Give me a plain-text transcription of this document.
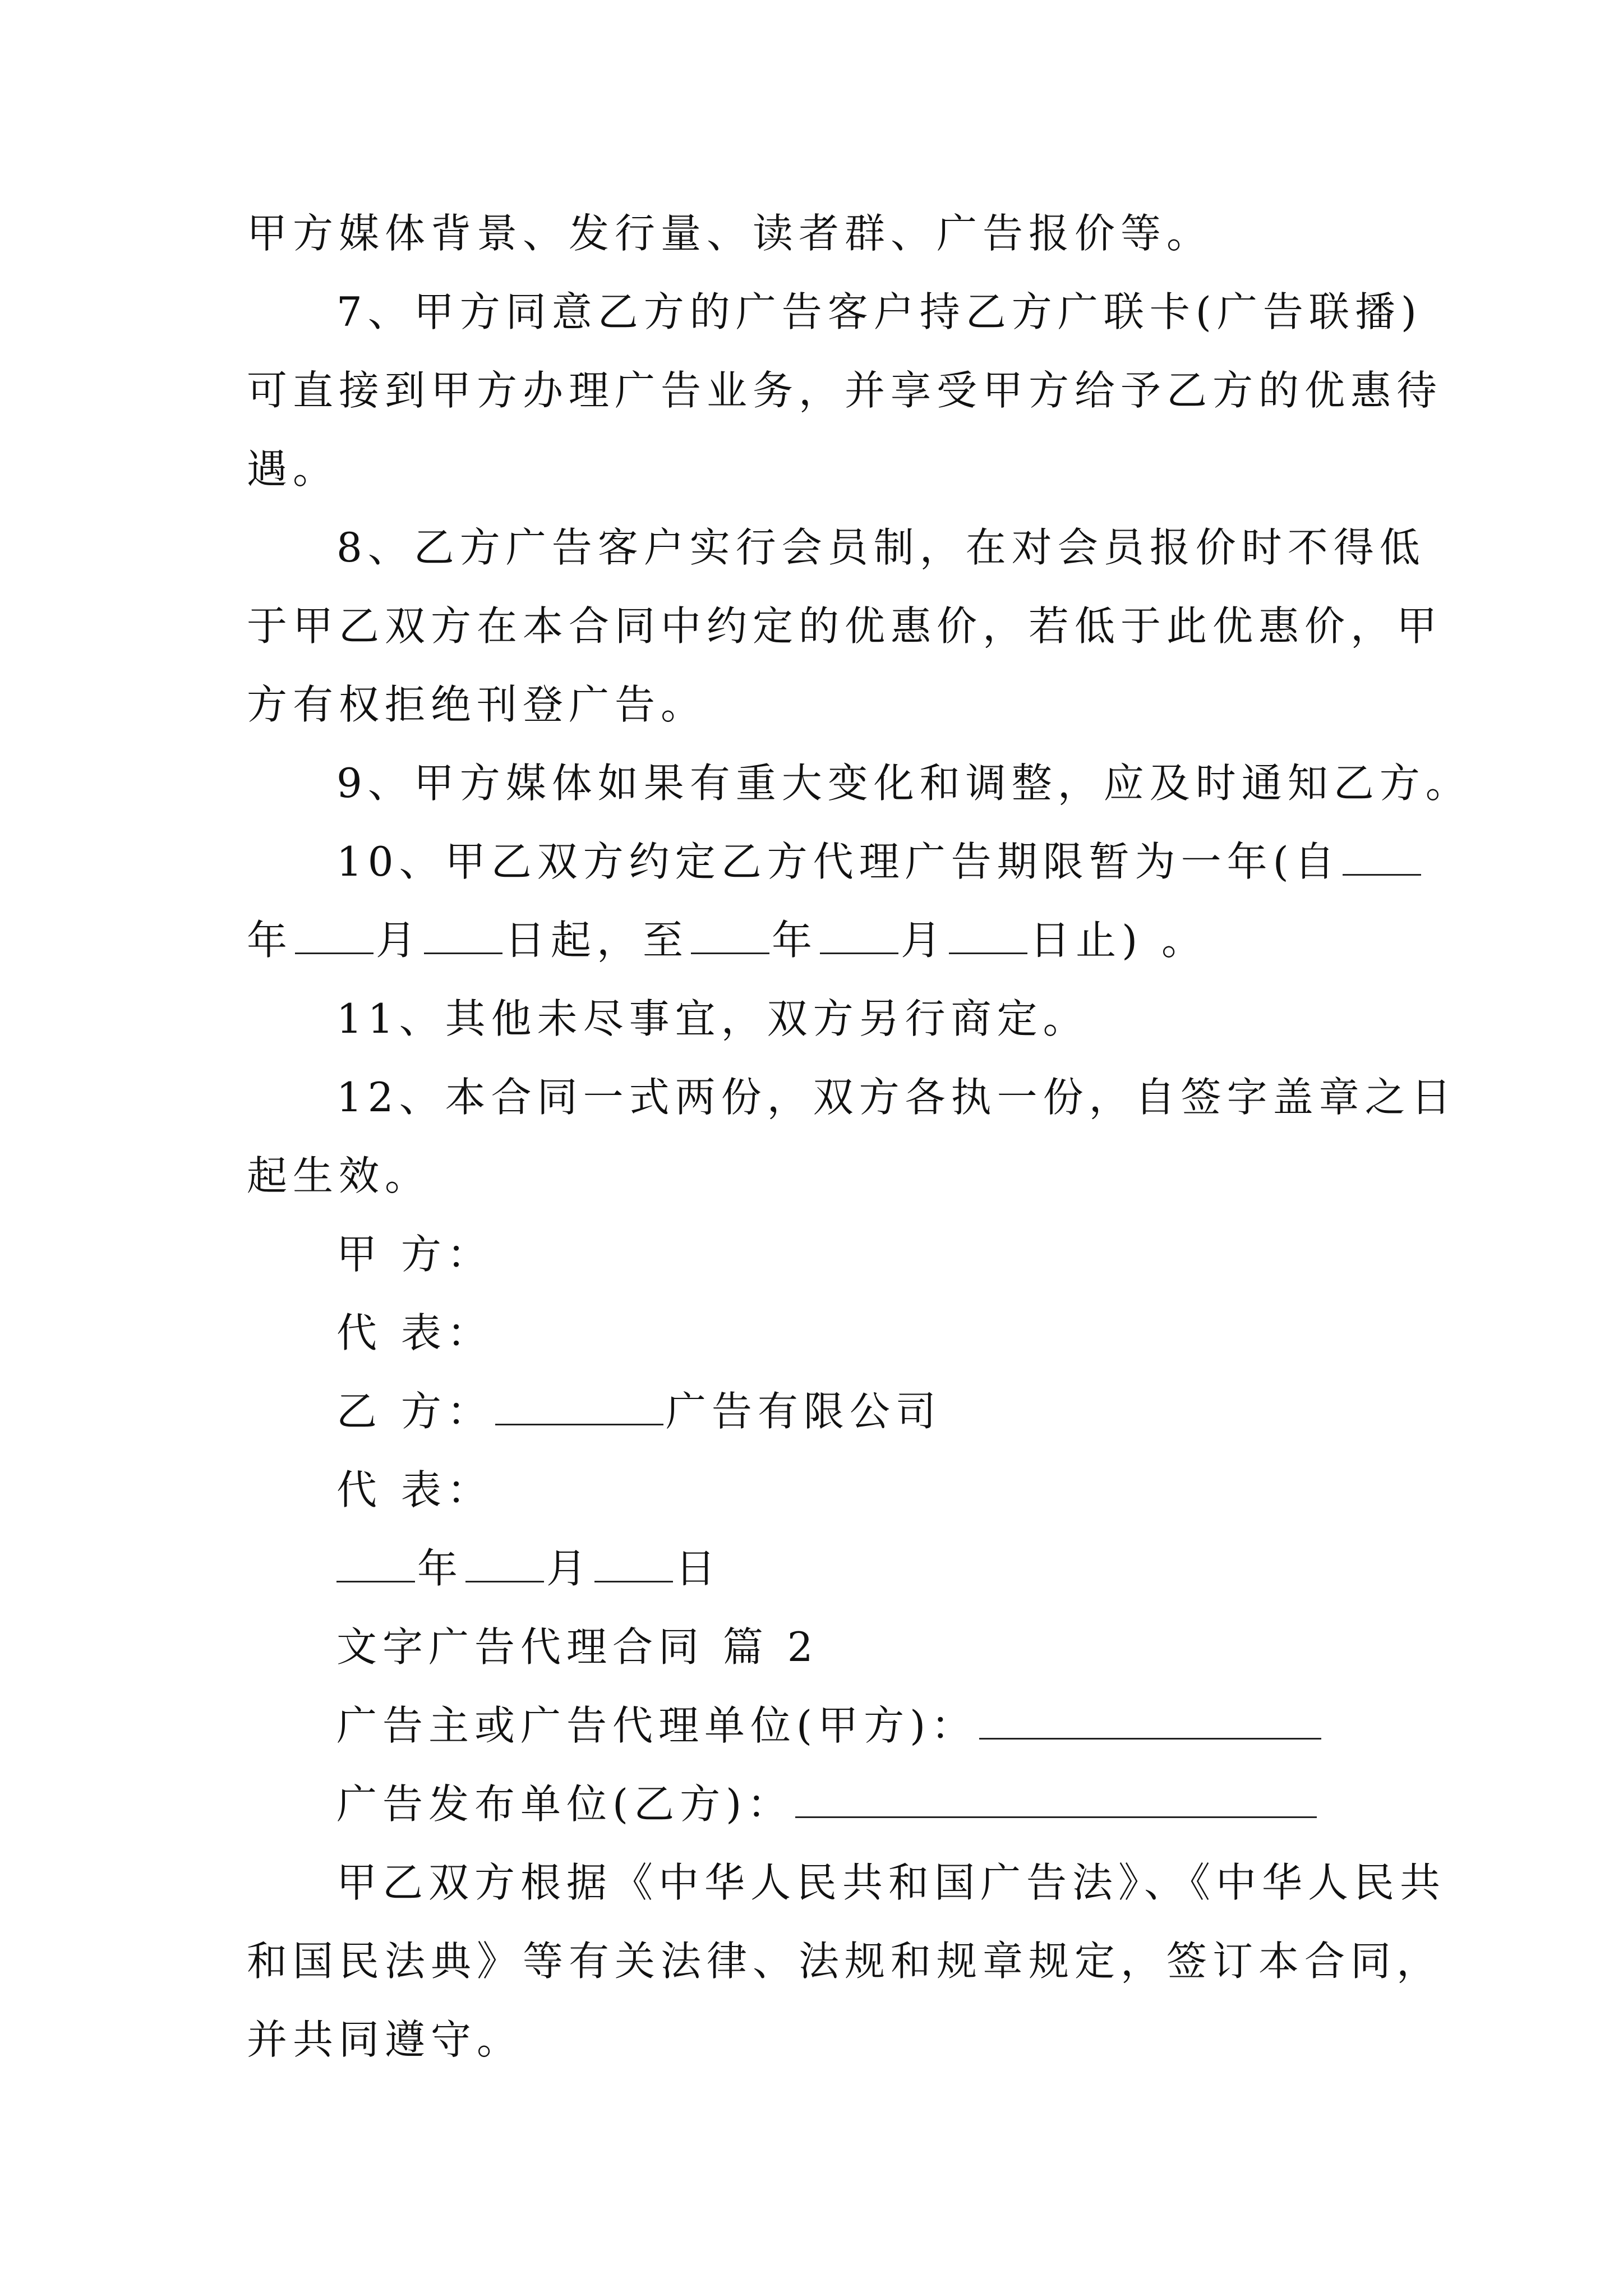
甲方媒体背景、发行量、读者群、广告报价等。
7、甲方同意乙方的广告客户持乙方广联卡(广告联播)
可直接到甲方办理广告业务，并享受甲方给予乙方的优惠待
遇。
8、乙方广告客户实行会员制，在对会员报价时不得低
于甲乙双方在本合同中约定的优惠价，若低于此优惠价，甲
方有权拒绝刊登广告。
9、甲方媒体如果有重大变化和调整，应及时通知乙方。
10、甲乙双方约定乙方代理广告期限暂为一年(自
年 月 日起，至 年 月 日止) 。
11、其他未尽事宜，双方另行商定。
12、本合同一式两份，双方各执一份，自签字盖章之日
起生效。
甲 方：
代 表：
乙 方：	广告有限公司
代 表：
年 月 日
文字广告代理合同 篇 2
广告主或广告代理单位(甲方)：
广告发布单位(乙方)：
甲乙双方根据《中华人民共和国广告法》、《中华人民共
和国民法典》等有关法律、法规和规章规定，签订本合同，
并共同遵守。
